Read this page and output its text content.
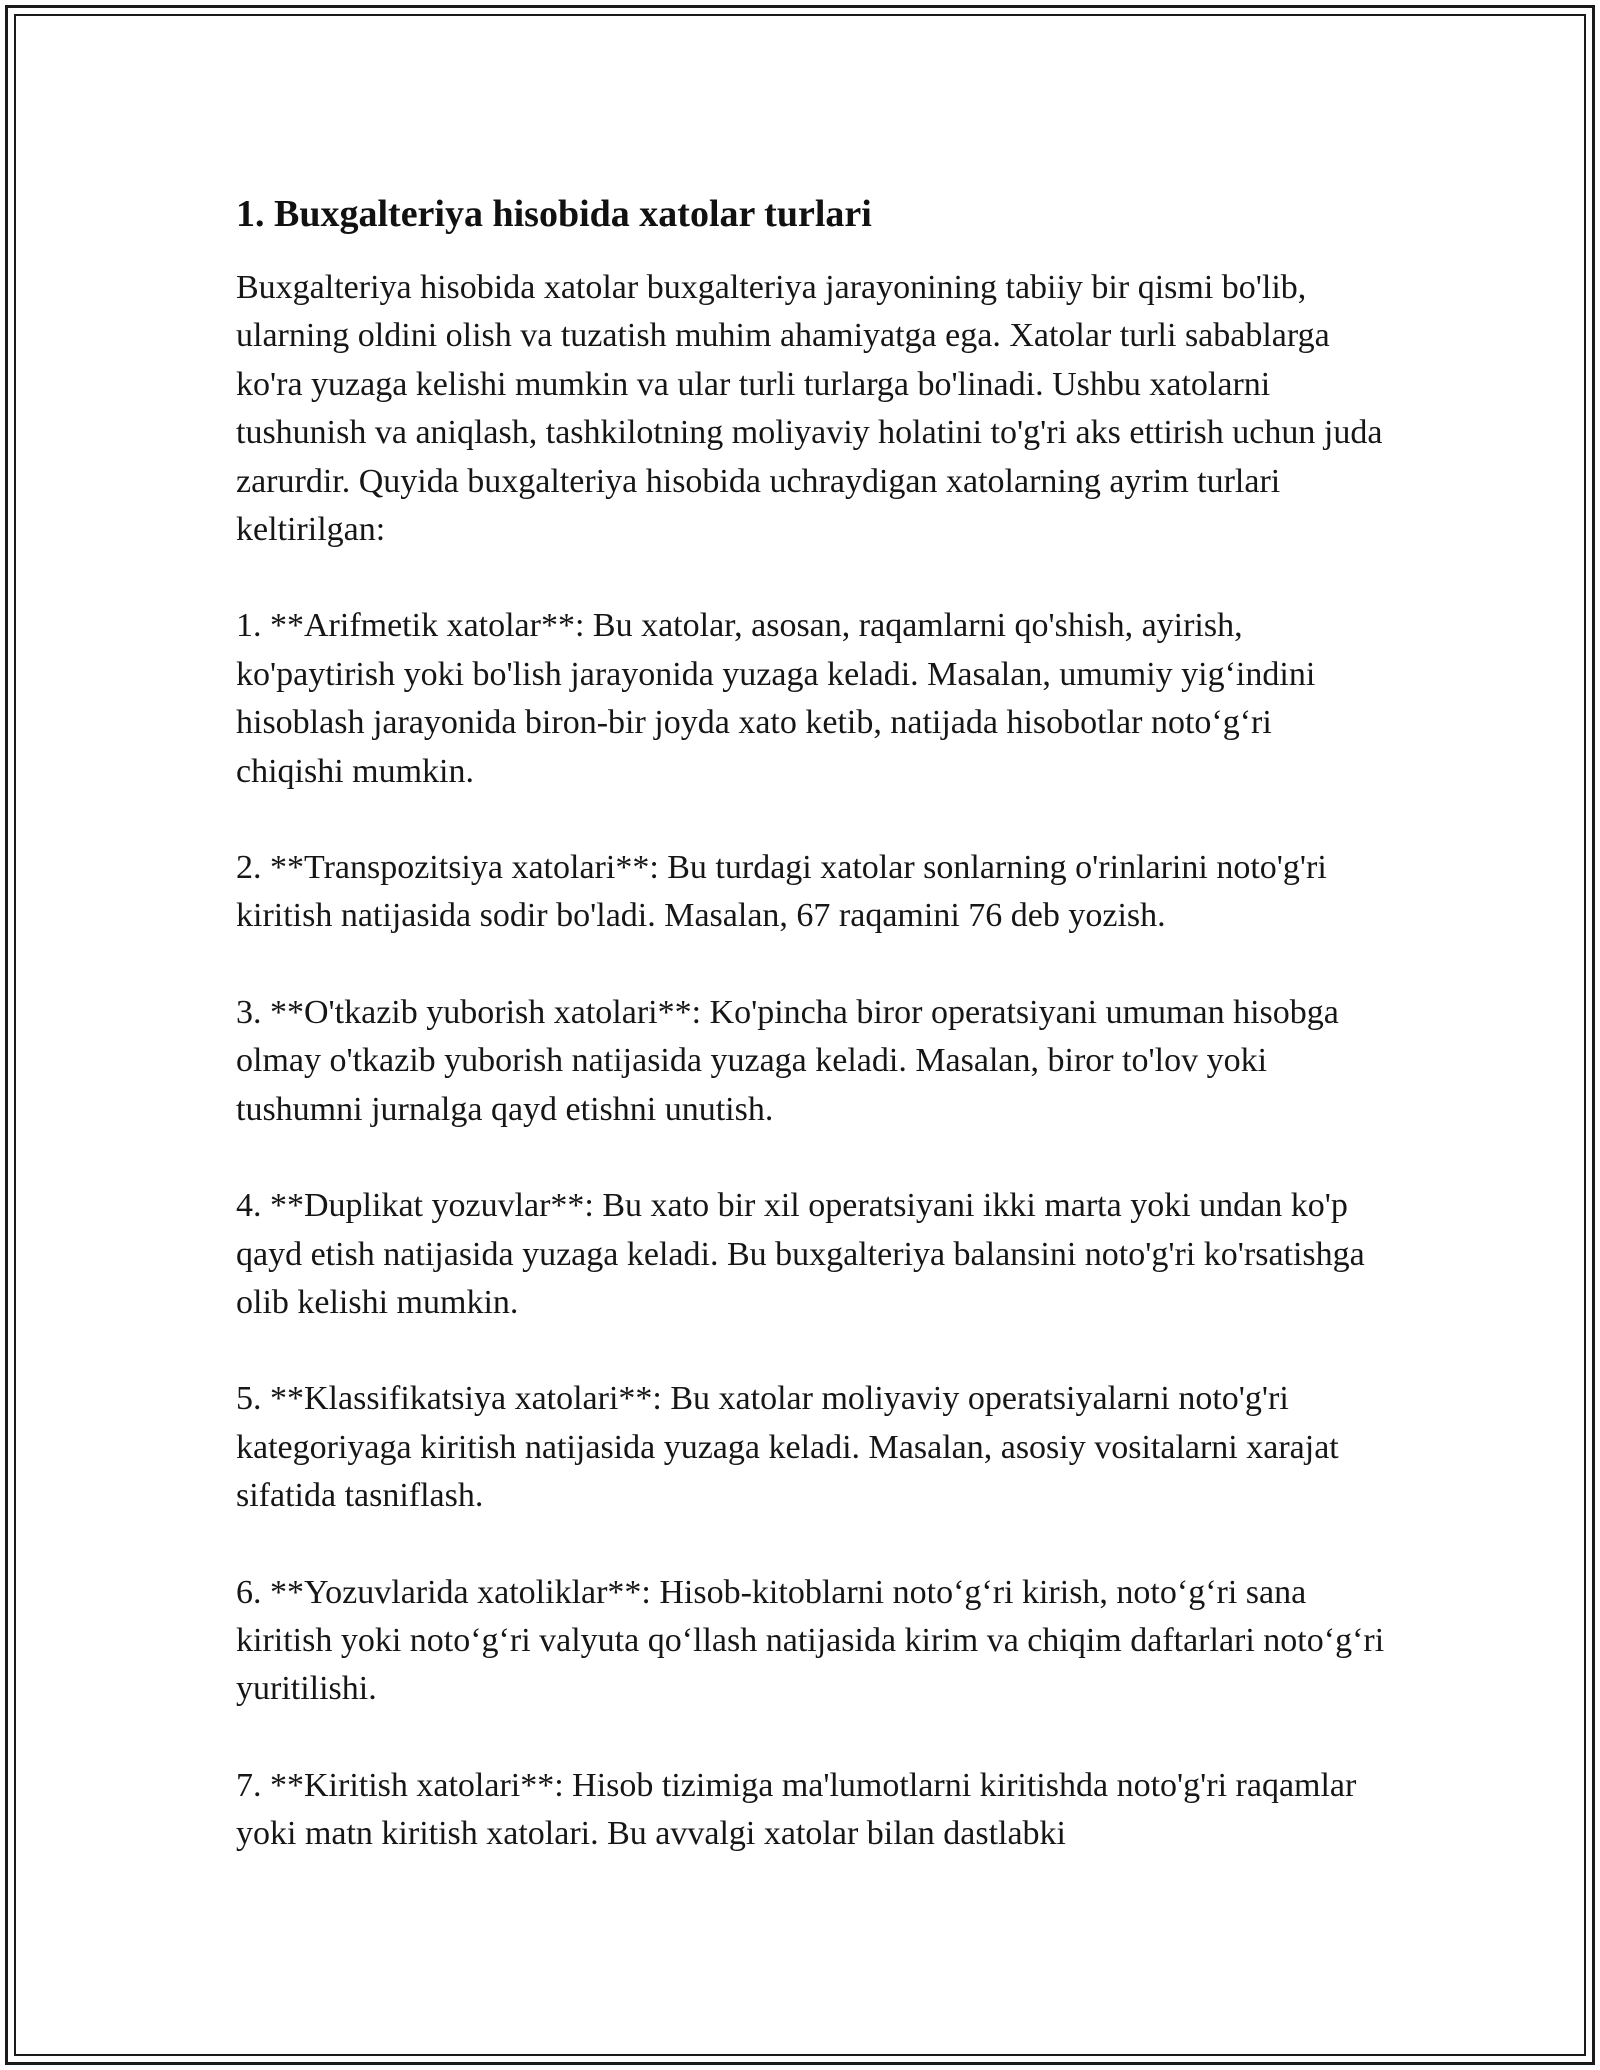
1. Buxgalteriya hisobida xatolar turlari

Buxgalteriya hisobida xatolar buxgalteriya jarayonining tabiiy bir qismi bo'lib, ularning oldini olish va tuzatish muhim ahamiyatga ega. Xatolar turli sabablarga ko'ra yuzaga kelishi mumkin va ular turli turlarga bo'linadi. Ushbu xatolarni tushunish va aniqlash, tashkilotning moliyaviy holatini to'g'ri aks ettirish uchun juda zarurdir. Quyida buxgalteriya hisobida uchraydigan xatolarning ayrim turlari keltirilgan:

1. **Arifmetik xatolar**: Bu xatolar, asosan, raqamlarni qo'shish, ayirish, ko'paytirish yoki bo'lish jarayonida yuzaga keladi. Masalan, umumiy yig‘indini hisoblash jarayonida biron-bir joyda xato ketib, natijada hisobotlar noto‘g‘ri chiqishi mumkin.

2. **Transpozitsiya xatolari**: Bu turdagi xatolar sonlarning o'rinlarini noto'g'ri kiritish natijasida sodir bo'ladi. Masalan, 67 raqamini 76 deb yozish.

3. **O'tkazib yuborish xatolari**: Ko'pincha biror operatsiyani umuman hisobga olmay o'tkazib yuborish natijasida yuzaga keladi. Masalan, biror to'lov yoki tushumni jurnalga qayd etishni unutish.

4. **Duplikat yozuvlar**: Bu xato bir xil operatsiyani ikki marta yoki undan ko'p qayd etish natijasida yuzaga keladi. Bu buxgalteriya balansini noto'g'ri ko'rsatishga olib kelishi mumkin.

5. **Klassifikatsiya xatolari**: Bu xatolar moliyaviy operatsiyalarni noto'g'ri kategoriyaga kiritish natijasida yuzaga keladi. Masalan, asosiy vositalarni xarajat sifatida tasniflash.

6. **Yozuvlarida xatoliklar**: Hisob-kitoblarni noto‘g‘ri kirish, noto‘g‘ri sana kiritish yoki noto‘g‘ri valyuta qo‘llash natijasida kirim va chiqim daftarlari noto‘g‘ri yuritilishi.

7. **Kiritish xatolari**: Hisob tizimiga ma'lumotlarni kiritishda noto'g'ri raqamlar yoki matn kiritish xatolari. Bu avvalgi xatolar bilan dastlabki
